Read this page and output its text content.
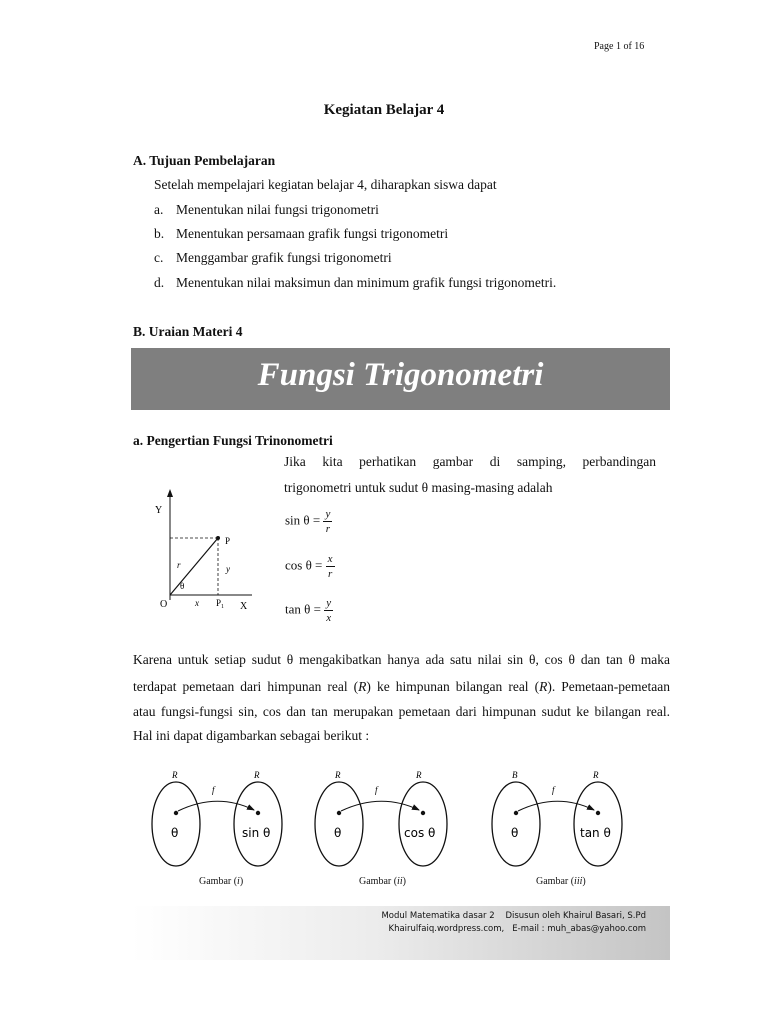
Page 1 of 16
Kegiatan Belajar 4
A. Tujuan Pembelajaran
Setelah mempelajari kegiatan belajar 4, diharapkan siswa dapat
a. Menentukan nilai fungsi trigonometri
b. Menentukan persamaan grafik fungsi trigonometri
c. Menggambar grafik fungsi trigonometri
d. Menentukan nilai maksimun dan minimum grafik fungsi trigonometri.
B. Uraian Materi 4
Fungsi Trigonometri
a. Pengertian Fungsi Trinonometri
Jika kita perhatikan gambar di samping, perbandingan
trigonometri untuk sudut θ masing-masing adalah
Y
P
r	y
θ
O	x $P_1$ X
$\sin \theta = \frac{y}{r}$
$\cos \theta = \frac{x}{r}$
$\tan \theta = \frac{y}{x}$
Karena untuk setiap sudut θ mengakibatkan hanya ada satu nilai sin θ, cos θ dan tan θ maka
terdapat pemetaan dari himpunan real (R) ke himpunan bilangan real (R). Pemetaan-pemetaan
atau fungsi-fungsi sin, cos dan tan merupakan pemetaan dari himpunan sudut ke bilangan real.
Hal ini dapat digambarkan sebagai berikut :
R	R
f
θ	sin θ
R	R
f
θ	cos θ
B	R
f
θ	tan θ
Gambar (i)	Gambar (ii)	Gambar (iii)
Modul Matematika dasar 2    Disusun oleh Khairul Basari, S.Pd
Khairulfaiq.wordpress.com,   E-mail : muh_abas@yahoo.com
